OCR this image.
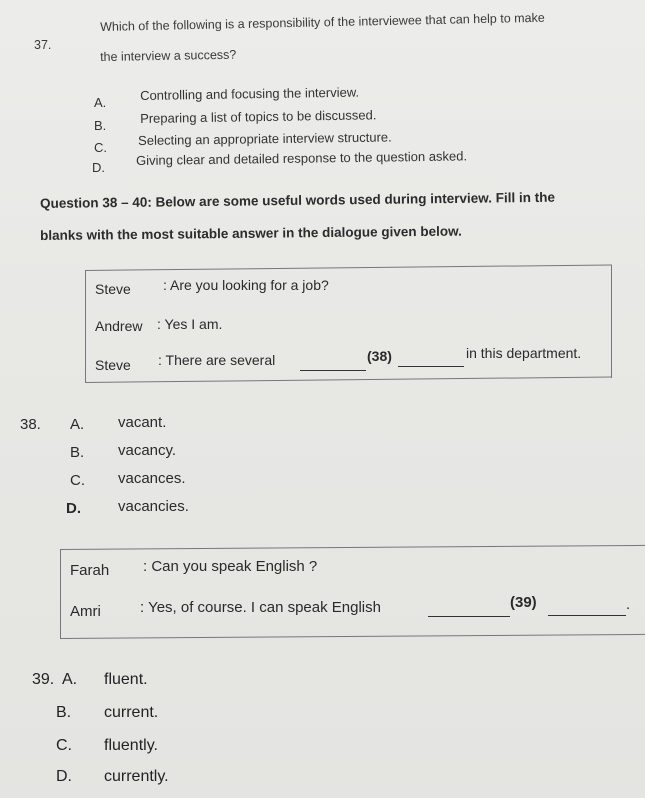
37.
Which of the following is a responsibility of the interviewee that can help to make
the interview a success?
A.	Controlling and focusing the interview.
B.	Preparing a list of topics to be discussed.
C. Selecting an appropriate interview structure.
D. Giving clear and detailed response to the question asked.
Question 38 – 40: Below are some useful words used during interview. Fill in the
blanks with the most suitable answer in the dialogue given below.
Steve : Are you looking for a job?
Andrew : Yes I am.
Steve : There are several	(38)	in this department.
38. A. vacant.
B. vacancy.
C. vacances.
D. vacancies.
Farah : Can you speak English ?
Amri	: Yes, of course. I can speak English	(39)	.
39. A. fluent.
B. current.
C. fluently.
D. currently.
